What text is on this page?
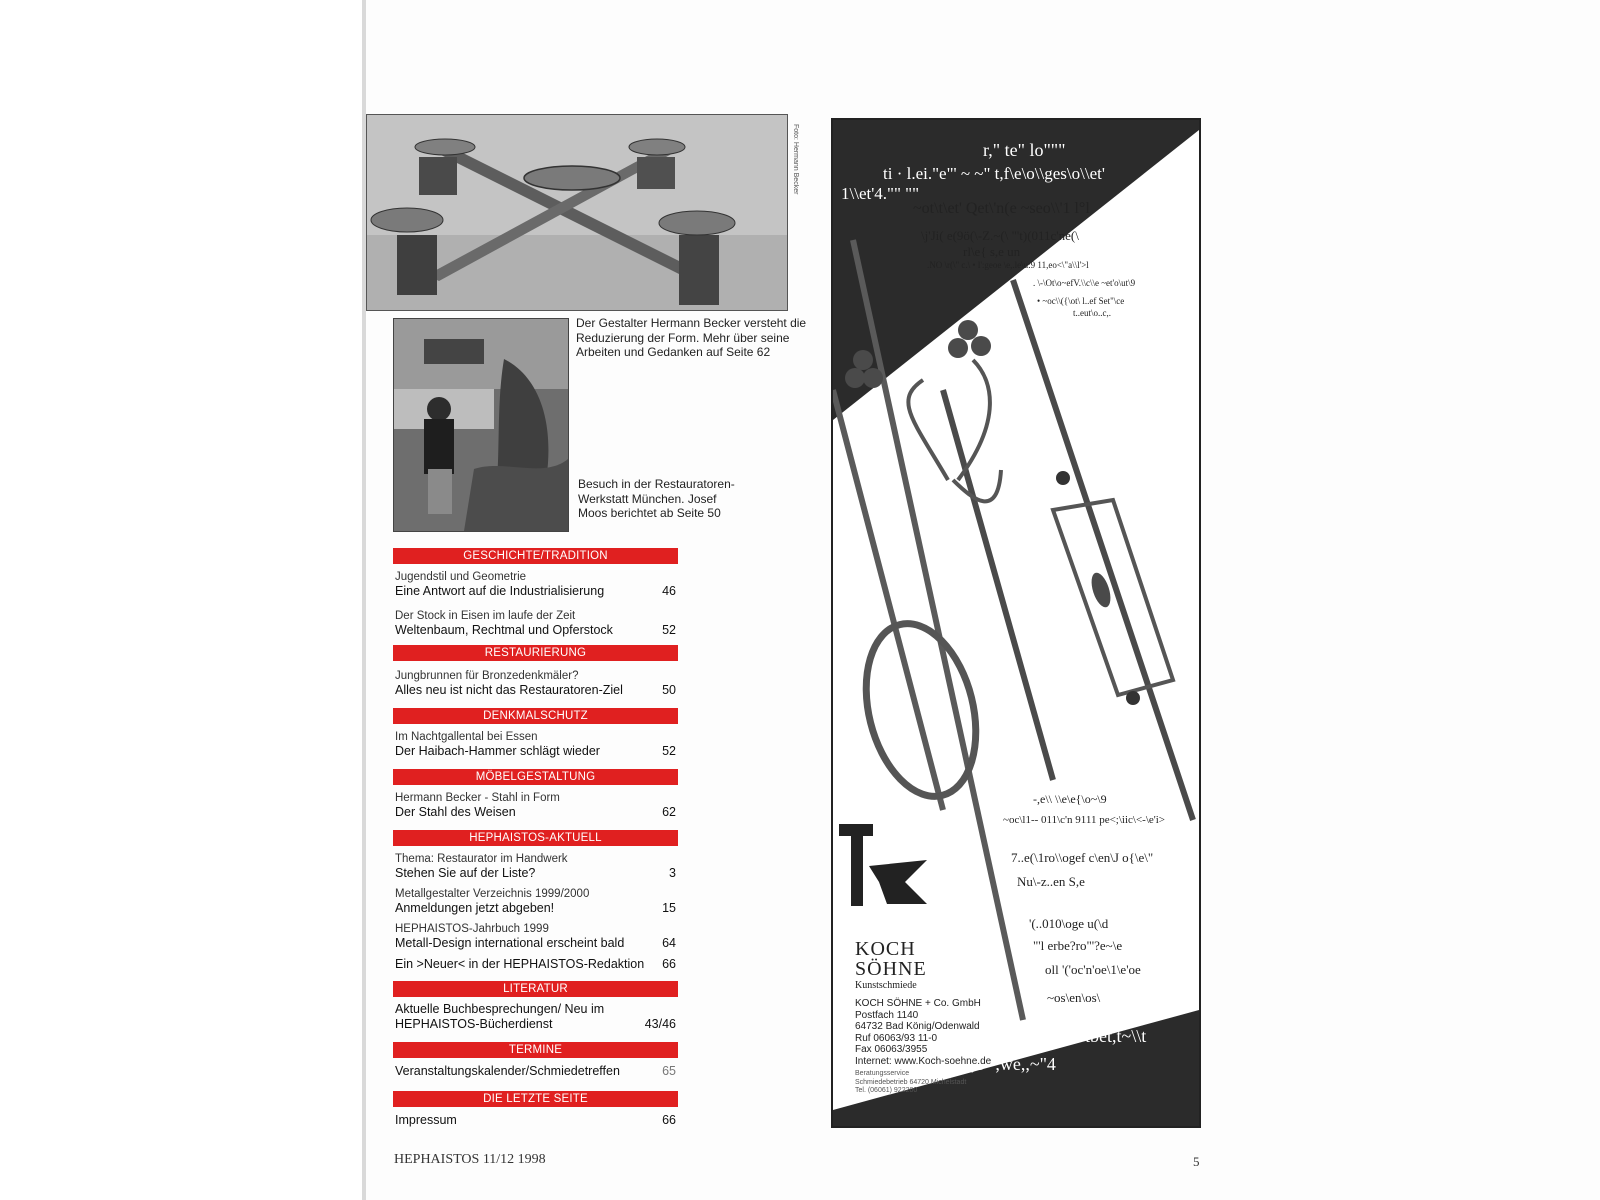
Foto: Hermann Becker
Der Gestalter Hermann Becker versteht die Reduzierung der Form. Mehr über seine Arbeiten und Gedanken auf Seite 62
Besuch in der Restauratoren-Werkstatt München. Josef Moos berichtet ab Seite 50
GESCHICHTE/TRADITION
Jugendstil und Geometrie
Eine Antwort auf die Industrialisierung	46
Der Stock in Eisen im laufe der Zeit
Weltenbaum, Rechtmal und Opferstock	52
RESTAURIERUNG
Jungbrunnen für Bronzedenkmäler?
Alles neu ist nicht das Restauratoren-Ziel	50
DENKMALSCHUTZ
Im Nachtgallental bei Essen
Der Haibach-Hammer schlägt wieder	52
MÖBELGESTALTUNG
Hermann Becker - Stahl in Form
Der Stahl des Weisen	62
HEPHAISTOS-AKTUELL
Thema: Restaurator im Handwerk
Stehen Sie auf der Liste?	3
Metallgestalter Verzeichnis 1999/2000
Anmeldungen jetzt abgeben!	15
HEPHAISTOS-Jahrbuch 1999
Metall-Design international erscheint bald	64
Ein >Neuer< in der HEPHAISTOS-Redaktion 66
LITERATUR
Aktuelle Buchbesprechungen/ Neu im HEPHAISTOS-Bücherdienst	43/46
TERMINE
Veranstaltungskalender/Schmiedetreffen	65
DIE LETZTE SEITE
Impressum	66
HEPHAISTOS 11/12 1998	5
r," te" lo"""
ti · l.ei."e"' ~ ~" t,f\e\o\\ges\o\\et'
1\\et'4."" ""
~ot\t\et' Qet\'n(e ~seo\\'1 l°l
\j'Ji( e(9ö(\-Z.~(\ "'t)(011c'ne(\
rl\e{ s,e un
.NO \r(\" c.\ • l':geoe \e,.le\u:9 11,eo<\"a\\l'>l
. \-\Ot\o~efV.\\c\\e ~et'o\ut\9
• ~oc\\({\ot\ l..ef Set"\ce
t..eut\o..c,.
-,e\\ \\e\e{\o~\9
~oc\l1-- 011\c'n 9111 pe<;\iic\<-\e'i>
7..e(\1ro\\ogef c\en\J o{\e\"
Nu\-z..en S,e
'(..010\oge u(\d
"'l erbe?ro"'?e~\e
oll '('oc'n'oe\1\e'oe
~os\en\os\
tbet,t~\\t
tt,e" ,we,,~"4
KOCH
SÖHNE
Kunstschmiede
KOCH SÖHNE + Co. GmbH
Postfach 1140
64732 Bad König/Odenwald
Ruf 06063/93 11-0
Fax 06063/3955
Internet: www.Koch-soehne.de
Beratungsservice
Schmiedebetrieb 64720 Michelstadt
Tel. (06061) 922200
